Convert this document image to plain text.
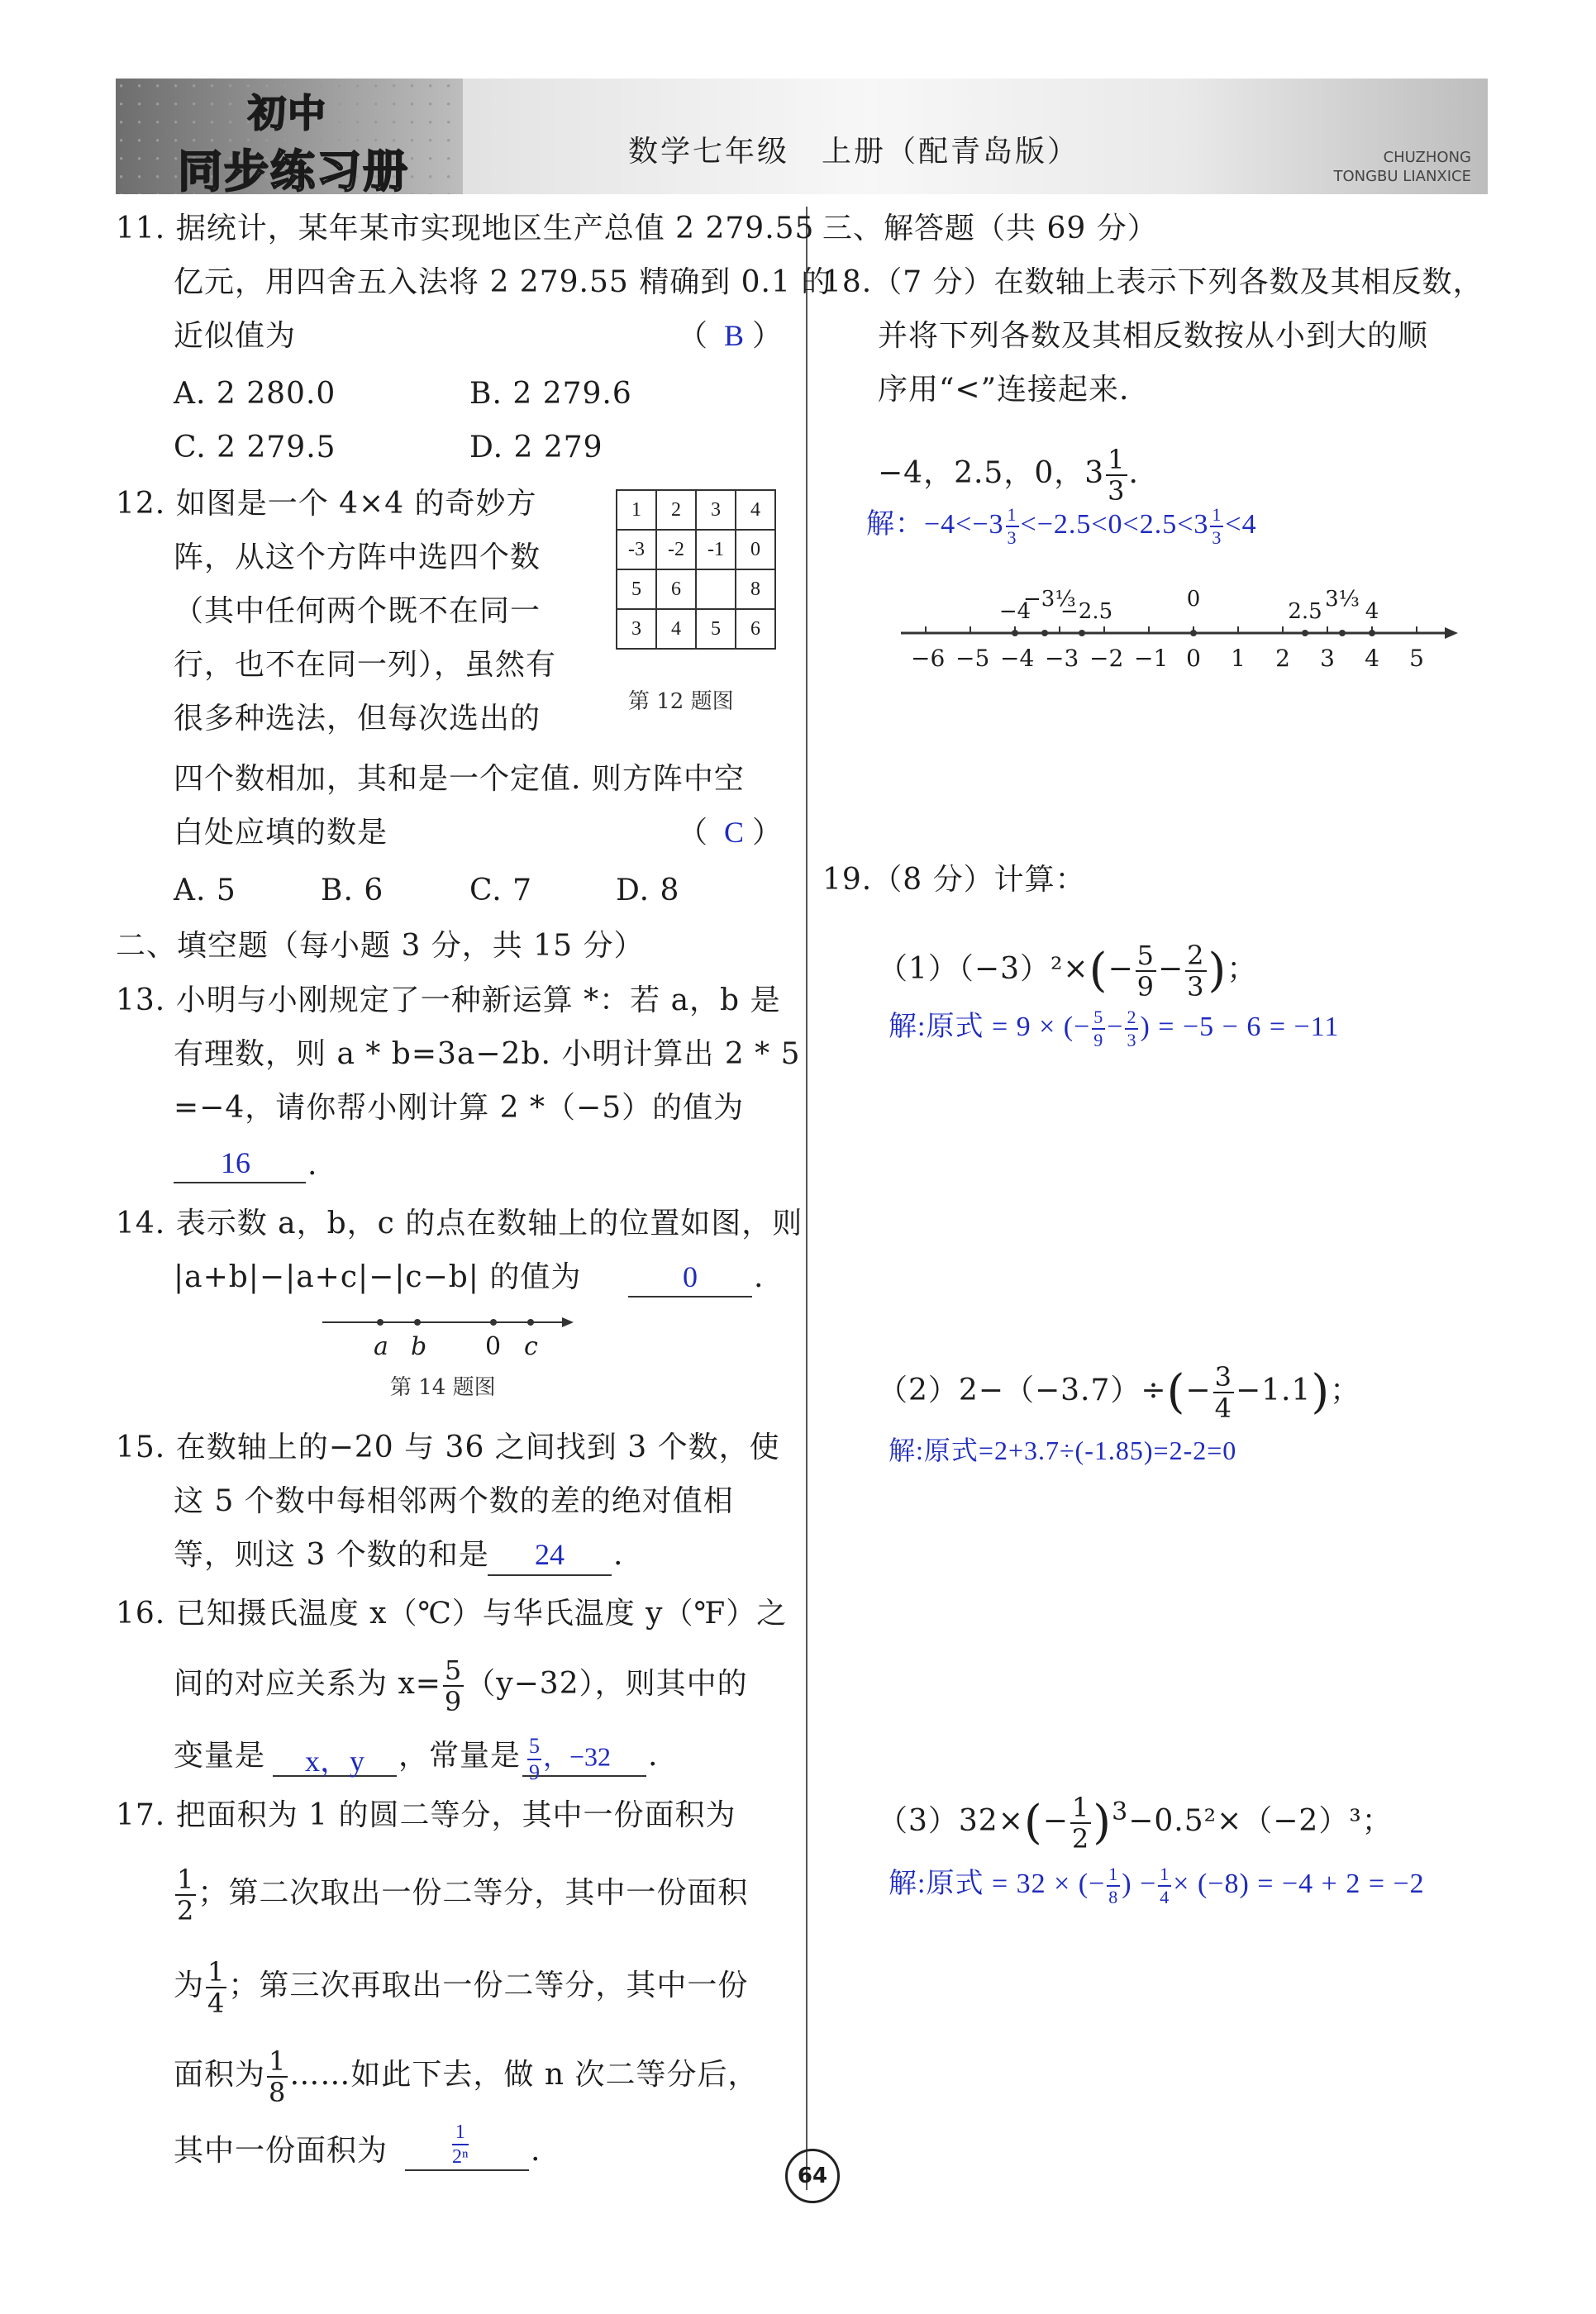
初中
同步练习册	数学七年级　上册（配青岛版）	CHUZHONG
TONGBU LIANXICE
11. 据统计，某年某市实现地区生产总值 2 279.55
亿元，用四舍五入法将 2 279.55 精确到 0.1 的
近似值为	（ B ）
A. 2 280.0	B. 2 279.6
C. 2 279.5	D. 2 279
12. 如图是一个 4×4 的奇妙方
阵，从这个方阵中选四个数
（其中任何两个既不在同一
行，也不在同一列），虽然有
很多种选法，但每次选出的
四个数相加，其和是一个定值. 则方阵中空
白处应填的数是	（ C ）
A. 5	B. 6	C. 7	D. 8
1	2	3	4
-3	-2	-1	0
5	6		8
3	4	5	6
第 12 题图
二、填空题（每小题 3 分，共 15 分）
13. 小明与小刚规定了一种新运算 *：若 a，b 是
有理数，则 a * b=3a−2b. 小明计算出 2 * 5
=−4，请你帮小刚计算 2 *（−5）的值为
16	.
14. 表示数 a，b，c 的点在数轴上的位置如图，则
|a+b|−|a+c|−|c−b| 的值为	0	.
a b 0 c
第 14 题图
15. 在数轴上的−20 与 36 之间找到 3 个数，使
这 5 个数中每相邻两个数的差的绝对值相
等，则这 3 个数的和是	24	.
16. 已知摄氏温度 x（℃）与华氏温度 y（℉）之
间的对应关系为 $x= \frac{5}{9} (y-32)$，则其中的
变量是	x，y	，常量是 $\frac{5}{9}$ ，−32 .
17. 把面积为 1 的圆二等分，其中一份面积为
$\frac{1}{2}$ ；第二次取出一份二等分，其中一份面积
为 $\frac{1}{4}$ ；第三次再取出一份二等分，其中一份
面积为 $\frac{1}{8}$ ……如此下去，做 n 次二等分后，
其中一份面积为	$\frac{1}{\text{2ⁿ}}$ .
三、解答题（共 69 分）
18.（7 分）在数轴上表示下列各数及其相反数，
并将下列各数及其相反数按从小到大的顺
序用“<”连接起来.
−4，2.5，0，$3 \frac{1}{3}$ .
解：$-4<-3 \frac{1}{3} <-2.5<0<2.5<3 \frac{1}{3} <4$
−6 −5 −4 −3 −2 −1 0	1	2	3	4	5
−4
−3⅓
−2.5	0	2.5 3⅓ 4
19.（8 分）计算：
$(1)(-3)^2\times(- \frac{5}{9} - \frac{2}{3}$ )；
解:原式 = 9 × (− $\frac{5}{9} - \frac{2}{3}$ ) = −5 − 6 = −11
$(2)2-(-3.7)\div(- \frac{3}{4} -1.1)$；
解:原式=2+3.7÷(-1.85)=2-2=0
$(3)32\times(- \frac{1}{2} )^3-0.5^2\times(-2)^3$；
解:原式 = 32 × (− $\frac{1}{8}$ ) − $\frac{1}{4} \times (-8) = -4 + 2 = -2$
64
